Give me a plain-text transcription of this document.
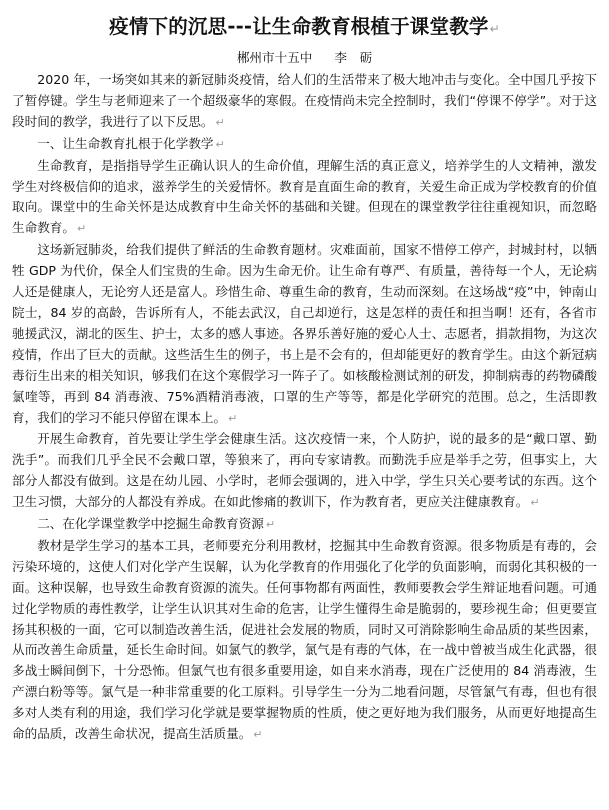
疫情下的沉思---让生命教育根植于课堂教学↵
郴州市十五中 李　砺

2020 年，一场突如其来的新冠肺炎疫情，给人们的生活带来了极大地冲击与变化。全中国几乎按下了暂停键。学生与老师迎来了一个超级豪华的寒假。在疫情尚未完全控制时，我们“停课不停学”。对于这段时间的教学，我进行了以下反思。 ↵

一、让生命教育扎根于化学教学 ↵

生命教育，是指指导学生正确认识人的生命价值，理解生活的真正意义，培养学生的人文精神，激发学生对终极信仰的追求，滋养学生的关爱情怀。教育是直面生命的教育，关爱生命正成为学校教育的价值取向。课堂中的生命关怀是达成教育中生命关怀的基础和关键。但现在的课堂教学往往重视知识，而忽略生命教育。 ↵

这场新冠肺炎，给我们提供了鲜活的生命教育题材。灾难面前，国家不惜停工停产，封城封村，以牺牲 GDP 为代价，保全人们宝贵的生命。因为生命无价。让生命有尊严、有质量，善待每一个人，无论病人还是健康人，无论穷人还是富人。珍惜生命、尊重生命的教育，生动而深刻。在这场战“疫”中，钟南山院士，84 岁的高龄，告诉所有人，不能去武汉，自己却逆行，这是怎样的责任和担当啊！还有，各省市驰援武汉，湖北的医生、护士，太多的感人事迹。各界乐善好施的爱心人士、志愿者，捐款捐物，为这次疫情，作出了巨大的贡献。这些活生生的例子，书上是不会有的，但却能更好的教育学生。由这个新冠病毒衍生出来的相关知识，够我们在这个寒假学习一阵子了。如核酸检测试剂的研发，抑制病毒的药物磷酸氯喹等，再到 84 消毒液、75%酒精消毒液，口罩的生产等等，都是化学研究的范围。总之，生活即教育，我们的学习不能只停留在课本上。 ↵

开展生命教育，首先要让学生学会健康生活。这次疫情一来，个人防护，说的最多的是“戴口罩、勤洗手”。而我们几乎全民不会戴口罩，等狼来了，再向专家请教。而勤洗手应是举手之劳，但事实上，大部分人都没有做到。这是在幼儿园、小学时，老师会强调的，进入中学，学生只关心要考试的东西。这个卫生习惯，大部分的人都没有养成。在如此惨痛的教训下，作为教育者，更应关注健康教育。 ↵

二、在化学课堂教学中挖掘生命教育资源 ↵

教材是学生学习的基本工具，老师要充分利用教材，挖掘其中生命教育资源。很多物质是有毒的，会污染环境的，这使人们对化学产生误解，认为化学教育的作用强化了化学的负面影响，而弱化其积极的一面。这种误解，也导致生命教育资源的流失。任何事物都有两面性，教师要教会学生辩证地看问题。可通过化学物质的毒性教学，让学生认识其对生命的危害，让学生懂得生命是脆弱的，要珍视生命；但更要宣扬其积极的一面，它可以制造改善生活，促进社会发展的物质，同时又可消除影响生命品质的某些因素，从而改善生命质量，延长生命时间。如氯气的教学，氯气是有毒的气体，在一战中曾被当成生化武器，很多战士瞬间倒下，十分恐怖。但氯气也有很多重要用途，如自来水消毒，现在广泛使用的 84 消毒液，生产漂白粉等等。氯气是一种非常重要的化工原料。引导学生一分为二地看问题，尽管氯气有毒，但也有很多对人类有利的用途，我们学习化学就是要掌握物质的性质，使之更好地为我们服务，从而更好地提高生命的品质，改善生命状况，提高生活质量。 ↵
